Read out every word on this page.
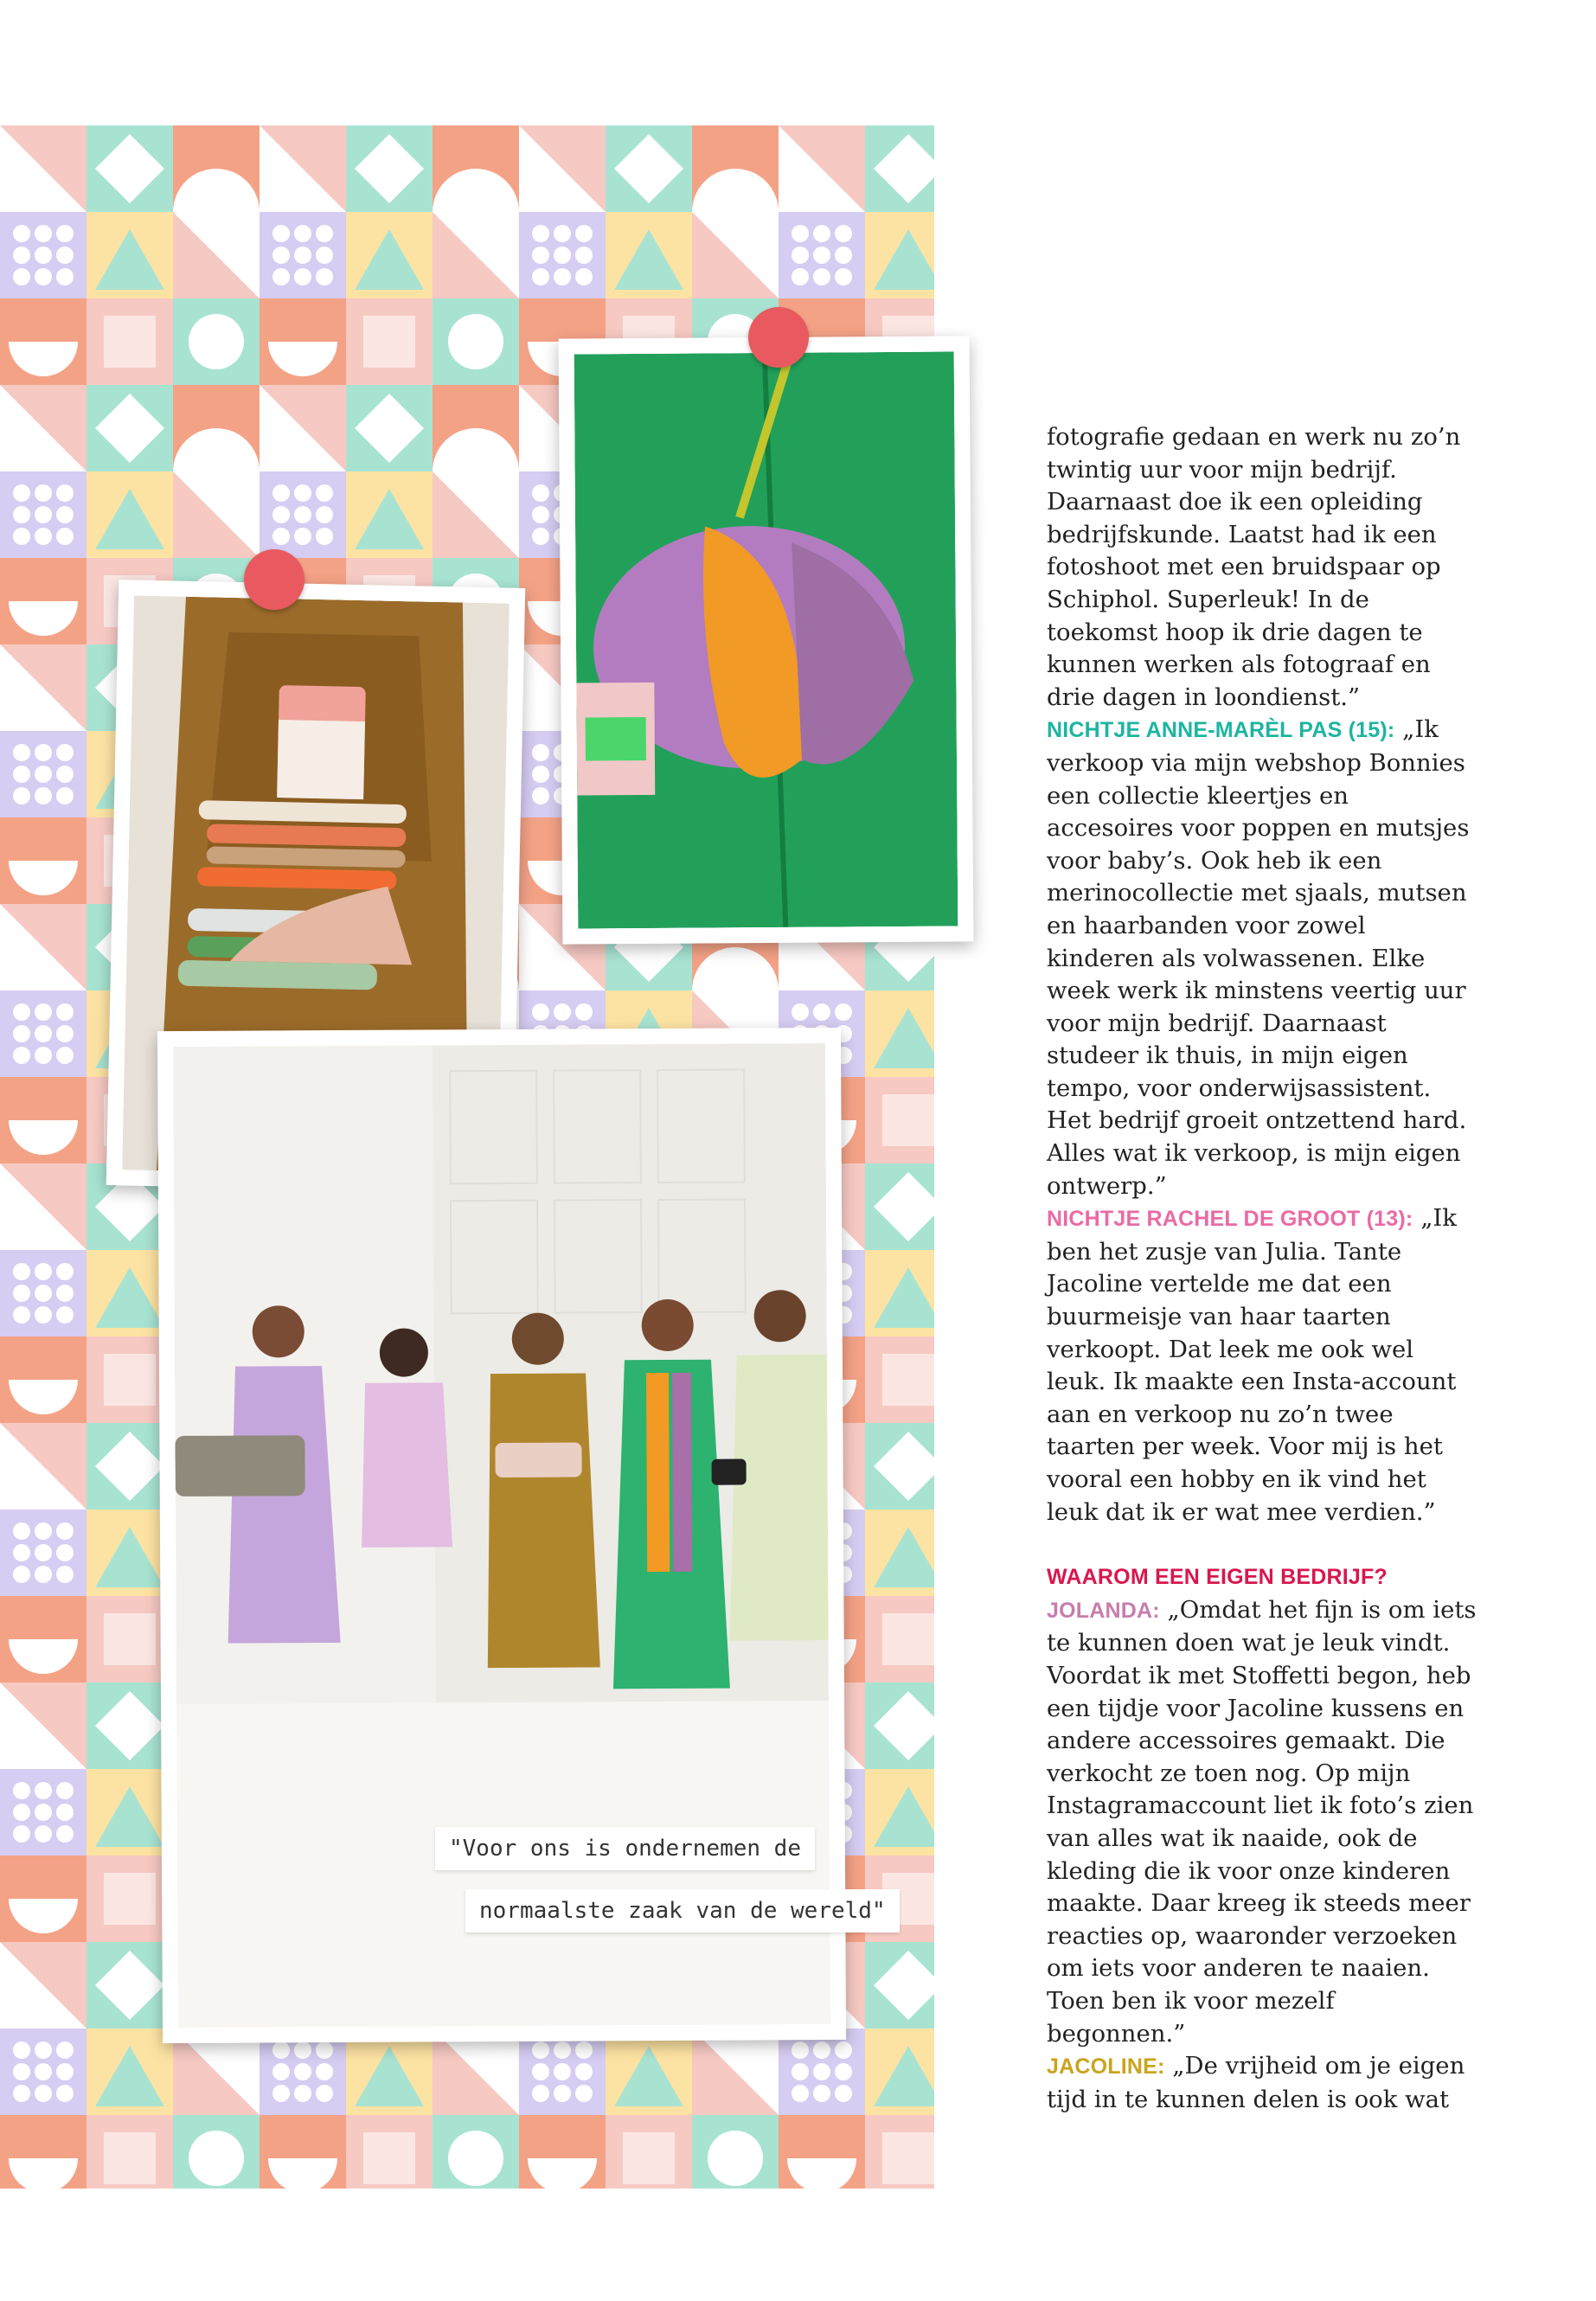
"Voor ons is ondernemen de
normaalste zaak van de wereld"

fotografie gedaan en werk nu zo’n twintig uur voor mijn bedrijf. Daarnaast doe ik een opleiding bedrijfskunde. Laatst had ik een fotoshoot met een bruidspaar op Schiphol. Superleuk! In de toekomst hoop ik drie dagen te kunnen werken als fotograaf en drie dagen in loondienst.”

NICHTJE ANNE-MARÈL PAS (15): „Ik verkoop via mijn webshop Bonnies een collectie kleertjes en accesoires voor poppen en mutsjes voor baby’s. Ook heb ik een merinocollectie met sjaals, mutsen en haarbanden voor zowel kinderen als volwassenen. Elke week werk ik minstens veertig uur voor mijn bedrijf. Daarnaast studeer ik thuis, in mijn eigen tempo, voor onderwijsassistent. Het bedrijf groeit ontzettend hard. Alles wat ik verkoop, is mijn eigen ontwerp.”

NICHTJE RACHEL DE GROOT (13): „Ik ben het zusje van Julia. Tante Jacoline vertelde me dat een buurmeisje van haar taarten verkoopt. Dat leek me ook wel leuk. Ik maakte een Insta-account aan en verkoop nu zo’n twee taarten per week. Voor mij is het vooral een hobby en ik vind het leuk dat ik er wat mee verdien.”

WAAROM EEN EIGEN BEDRIJF?

JOLANDA: „Omdat het fijn is om iets te kunnen doen wat je leuk vindt. Voordat ik met Stoffetti begon, heb een tijdje voor Jacoline kussens en andere accessoires gemaakt. Die verkocht ze toen nog. Op mijn Instagramaccount liet ik foto’s zien van alles wat ik naaide, ook de kleding die ik voor onze kinderen maakte. Daar kreeg ik steeds meer reacties op, waaronder verzoeken om iets voor anderen te naaien. Toen ben ik voor mezelf begonnen.”

JACOLINE: „De vrijheid om je eigen tijd in te kunnen delen is ook wat
